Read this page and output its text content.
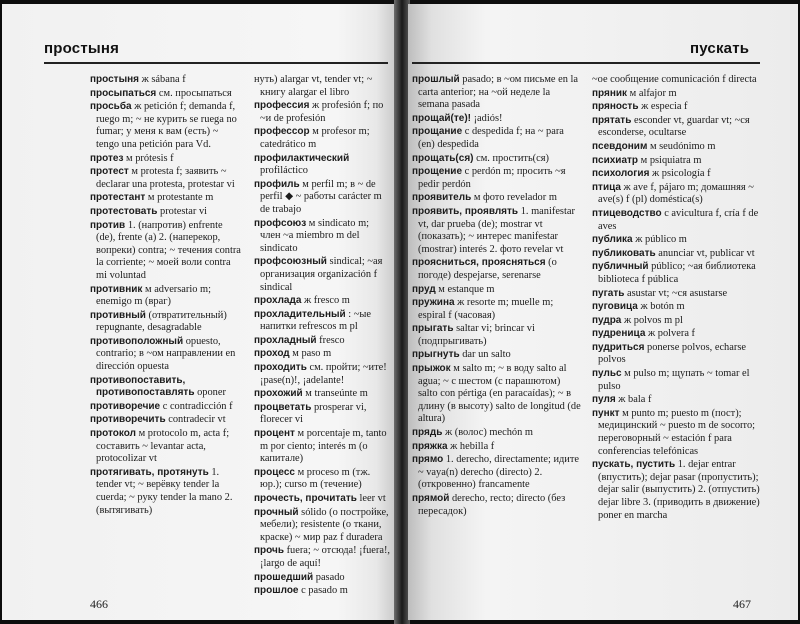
простыня
простыня ж sábana f
просыпаться см. просыпаться
просьба ж petición f; demanda f, ruego m; ~ не курить se ruega no fumar; у меня к вам (есть) ~ tengo una petición para Vd.
протез м prótesis f
протест м protesta f; заявить ~ declarar una protesta, protestar vi
протестант м protestante m
протестовать protestar vi
против 1. (напротив) enfrente (de), frente (a) 2. (наперекор, вопреки) contra; ~ течения contra la corriente; ~ моей воли contra mi voluntad
противник м adversario m; enemigo m (враг)
противный (отвратительный) repugnante, desagradable
противоположный opuesto, contrario; в ~ом направлении en dirección opuesta
противопоставить, противопоставлять oponer
противоречие с contradicción f
противоречить contradecir vt
протокол м protocolo m, acta f; составить ~ levantar acta, protocolizar vt
протягивать, протянуть 1. tender vt; ~ верёвку tender la cuerda; ~ руку tender la mano 2. (вытягивать)
нуть) alargar vt, tender vt; ~ книгу alargar el libro
профессия ж profesión f; по ~и de profesión
профессор м profesor m; catedrático m
профилактический profiláctico
профиль м perfil m; в ~ de perfil ◆ ~ работы carácter m de trabajo
профсоюз м sindicato m; член ~а miembro m del sindicato
профсоюзный sindical; ~ая организация organización f sindical
прохлада ж fresco m
прохладительный : ~ые напитки refrescos m pl
прохладный fresco
проход м paso m
проходить см. пройти; ~ите! ¡pase(n)!, ¡adelante!
прохожий м transeúnte m
процветать prosperar vi, florecer vi
процент м porcentaje m, tanto m por ciento; interés m (о капитале)
процесс м proceso m (тж. юр.); curso m (течение)
прочесть, прочитать leer vt
прочный sólido (о постройке, мебели); resistente (о ткани, краске) ~ мир paz f duradera
прочь fuera; ~ отсюда! ¡fuera!, ¡largo de aquí!
прошедший pasado
прошлое с pasado m
466
пускать
прошлый pasado; в ~ом письме en la carta anterior; на ~ой неделе la semana pasada
прощай(те)! ¡adiós!
прощание с despedida f; на ~ para (en) despedida
прощать(ся) см. простить(ся)
прощение с perdón m; просить ~я pedir perdón
проявитель м фото revelador m
проявить, проявлять 1. manifestar vt, dar prueba (de); mostrar vt (показать); ~ интерес manifestar (mostrar) interés 2. фото revelar vt
проясниться, проясняться (о погоде) despejarse, serenarse
пруд м estanque m
пружина ж resorte m; muelle m; espiral f (часовая)
прыгать saltar vi; brincar vi (подпрыгивать)
прыгнуть dar un salto
прыжок м salto m; ~ в воду salto al agua; ~ с шестом (с парашютом) salto con pértiga (en paracaídas); ~ в длину (в высоту) salto de longitud (de altura)
прядь ж (волос) mechón m
пряжка ж hebilla f
прямо 1. derecho, directamente; идите ~ vaya(n) derecho (directo) 2. (откровенно) francamente
прямой derecho, recto; directo (без пересадок)
~ое сообщение comunicación f directa
пряник м alfajor m
пряность ж especia f
прятать esconder vt, guardar vt; ~ся esconderse, ocultarse
псевдоним м seudónimo m
психиатр м psiquiatra m
психология ж psicología f
птица ж ave f, pájaro m; домашняя ~ ave(s) f (pl) doméstica(s)
птицеводство с avicultura f, cría f de aves
публика ж público m
публиковать anunciar vt, publicar vt
публичный público; ~ая библиотека biblioteca f pública
пугать asustar vt; ~ся asustarse
пуговица ж botón m
пудра ж polvos m pl
пудреница ж polvera f
пудриться ponerse polvos, echarse polvos
пульс м pulso m; щупать ~ tomar el pulso
пуля ж bala f
пункт м punto m; puesto m (пост); медицинский ~ puesto m de socorro; переговорный ~ estación f para conferencias telefónicas
пускать, пустить 1. dejar entrar (впустить); dejar pasar (пропустить); dejar salir (выпустить) 2. (отпустить) dejar libre 3. (приводить в движение) poner en marcha
467
